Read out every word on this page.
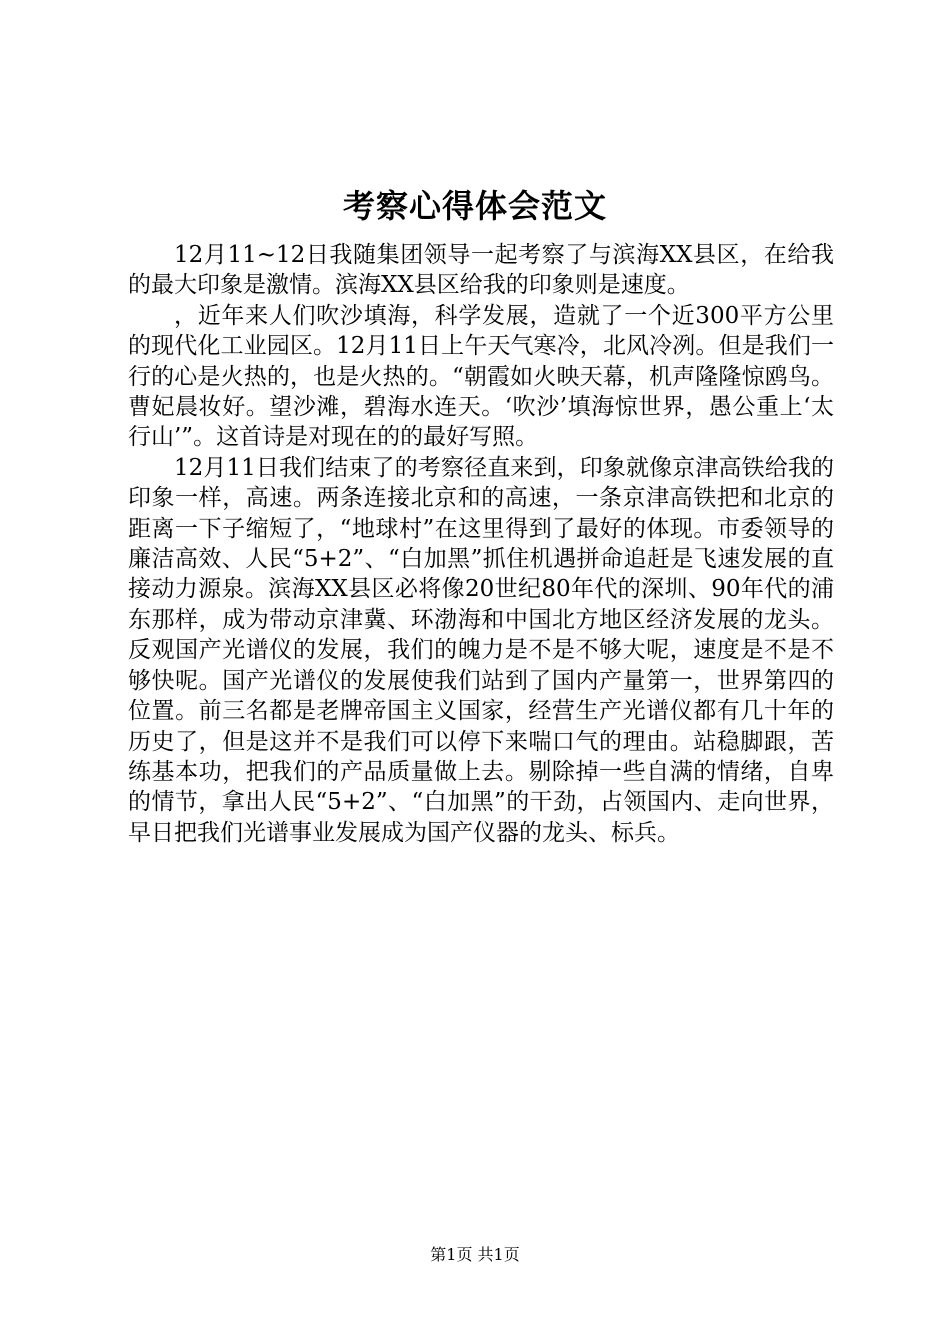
考察心得体会范文

12月11~12日我随集团领导一起考察了与滨海XX县区，在给我的最大印象是激情。滨海XX县区给我的印象则是速度。

，近年来人们吹沙填海，科学发展，造就了一个近300平方公里的现代化工业园区。12月11日上午天气寒冷，北风冷冽。但是我们一行的心是火热的，也是火热的。“朝霞如火映天幕，机声隆隆惊鸥鸟。曹妃晨妆好。望沙滩，碧海水连天。‘吹沙’填海惊世界，愚公重上‘太行山’”。这首诗是对现在的的最好写照。

12月11日我们结束了的考察径直来到，印象就像京津高铁给我的印象一样，高速。两条连接北京和的高速，一条京津高铁把和北京的距离一下子缩短了，“地球村”在这里得到了最好的体现。市委领导的廉洁高效、人民“5+2”、“白加黑”抓住机遇拼命追赶是飞速发展的直接动力源泉。滨海XX县区必将像20世纪80年代的深圳、90年代的浦东那样，成为带动京津冀、环渤海和中国北方地区经济发展的龙头。反观国产光谱仪的发展，我们的魄力是不是不够大呢，速度是不是不够快呢。国产光谱仪的发展使我们站到了国内产量第一，世界第四的位置。前三名都是老牌帝国主义国家，经营生产光谱仪都有几十年的历史了，但是这并不是我们可以停下来喘口气的理由。站稳脚跟，苦练基本功，把我们的产品质量做上去。剔除掉一些自满的情绪，自卑的情节，拿出人民“5+2”、“白加黑”的干劲，占领国内、走向世界，早日把我们光谱事业发展成为国产仪器的龙头、标兵。

第1页 共1页
